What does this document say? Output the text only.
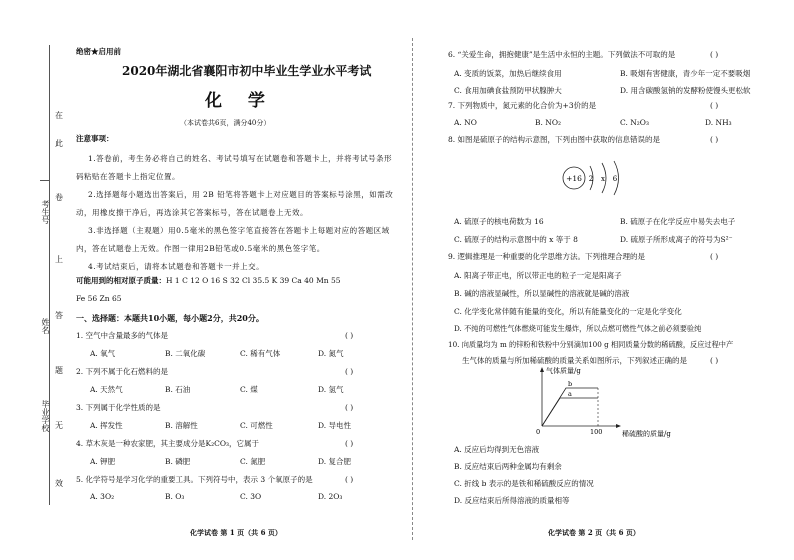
考生号
姓名
毕业学校
在
此
卷
上
答
题
无
效
绝密★启用前
2020年湖北省襄阳市初中毕业生学业水平考试
化 学
（本试卷共6页，满分40分）
注意事项：
1.答卷前，考生务必将自己的姓名、考试号填写在试题卷和答题卡上，并将考试号条形码粘贴在答题卡上指定位置。
2.选择题每小题选出答案后，用 2B 铅笔将答题卡上对应题目的答案标号涂黑，如需改动，用橡皮擦干净后，再选涂其它答案标号，答在试题卷上无效。
3.非选择题（主观题）用0.5毫米的黑色签字笔直接答在答题卡上每题对应的答题区域内，答在试题卷上无效。作图一律用2B铅笔或0.5毫米的黑色签字笔。
4.考试结束后，请将本试题卷和答题卡一并上交。
可能用到的相对原子质量：H 1 C 12 O 16 S 32 Cl 35.5 K 39 Ca 40 Mn 55
Fe 56 Zn 65
一、选择题：本题共10小题，每小题2分，共20分。
1. 空气中含量最多的气体是	( )
A. 氧气	B. 二氧化碳	C. 稀有气体	D. 氮气
2. 下列不属于化石燃料的是	( )
A. 天然气	B. 石油	C. 煤	D. 氢气
3. 下列属于化学性质的是	( )
A. 挥发性	B. 溶解性	C. 可燃性	D. 导电性
4. 草木灰是一种农家肥，其主要成分是K₂CO₃，它属于	( )
A. 钾肥	B. 磷肥	C. 氮肥	D. 复合肥
5. 化学符号是学习化学的重要工具。下列符号中，表示 3 个氧原子的是	( )
A. 3O₂	B. O₃	C. 3O	D. 2O₃
化学试卷 第 1 页（共 6 页）
6. “关爱生命，拥抱健康”是生活中永恒的主题。下列做法不可取的是	( )
A. 变质的饭菜，加热后继续食用	B. 吸烟有害健康，青少年一定不要吸烟
C. 食用加碘食盐预防甲状腺肿大	D. 用含碳酸氢钠的发酵粉使馒头更松软
7. 下列物质中，氮元素的化合价为+3价的是	( )
A. NO	B. NO₂	C. N₂O₃	D. NH₃
8. 如图是硫原子的结构示意图，下列由图中获取的信息错误的是	( )
+16 2 x 6
A. 硫原子的核电荷数为 16	B. 硫原子在化学反应中易失去电子
C. 硫原子的结构示意图中的 x 等于 8	D. 硫原子所形成离子的符号为S²⁻
9. 逻辑推理是一种重要的化学思维方法。下列推理合理的是	( )
A. 阳离子带正电，所以带正电的粒子一定是阳离子
B. 碱的溶液显碱性，所以显碱性的溶液就是碱的溶液
C. 化学变化常伴随有能量的变化，所以有能量变化的一定是化学变化
D. 不纯的可燃性气体燃烧可能发生爆炸，所以点燃可燃性气体之前必须要验纯
10. 向质量均为 m 的锌粉和铁粉中分别滴加100 g 相同质量分数的稀硫酸，反应过程中产
生气体的质量与所加稀硫酸的质量关系如图所示，下列叙述正确的是	( )
气体质量/g
0	100	稀硫酸的质量/g
b
a
A. 反应后均得到无色溶液
B. 反应结束后两种金属均有剩余
C. 折线 b 表示的是铁和稀硫酸反应的情况
D. 反应结束后所得溶液的质量相等
化学试卷 第 2 页（共 6 页）
